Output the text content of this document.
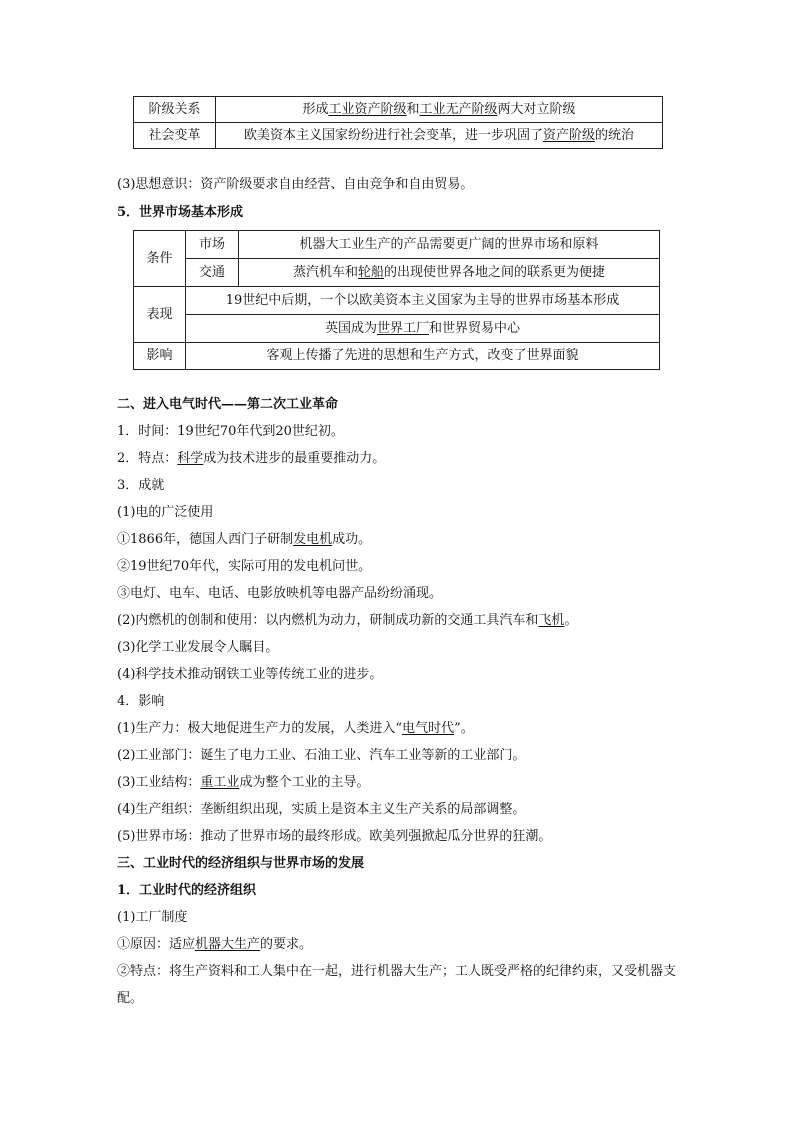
阶级关系	形成工业资产阶级和工业无产阶级两大对立阶级
社会变革	欧美资本主义国家纷纷进行社会变革，进一步巩固了资产阶级的统治
(3)思想意识：资产阶级要求自由经营、自由竞争和自由贸易。
5．世界市场基本形成
条件	市场	机器大工业生产的产品需要更广阔的世界市场和原料
	交通	蒸汽机车和轮船的出现使世界各地之间的联系更为便捷
表现	19世纪中后期，一个以欧美资本主义国家为主导的世界市场基本形成	
	英国成为世界工厂和世界贸易中心	
影响	客观上传播了先进的思想和生产方式，改变了世界面貌	
二、进入电气时代——第二次工业革命
1．时间：19世纪70年代到20世纪初。
2．特点：科学成为技术进步的最重要推动力。
3．成就
(1)电的广泛使用
①1866年，德国人西门子研制发电机成功。
②19世纪70年代，实际可用的发电机问世。
③电灯、电车、电话、电影放映机等电器产品纷纷涌现。
(2)内燃机的创制和使用：以内燃机为动力，研制成功新的交通工具汽车和飞机。
(3)化学工业发展令人瞩目。
(4)科学技术推动钢铁工业等传统工业的进步。
4．影响
(1)生产力：极大地促进生产力的发展，人类进入“电气时代”。
(2)工业部门：诞生了电力工业、石油工业、汽车工业等新的工业部门。
(3)工业结构：重工业成为整个工业的主导。
(4)生产组织：垄断组织出现，实质上是资本主义生产关系的局部调整。
(5)世界市场：推动了世界市场的最终形成。欧美列强掀起瓜分世界的狂潮。
三、工业时代的经济组织与世界市场的发展
1．工业时代的经济组织
(1)工厂制度
①原因：适应机器大生产的要求。
②特点：将生产资料和工人集中在一起，进行机器大生产；工人既受严格的纪律约束，又受机器支配。
